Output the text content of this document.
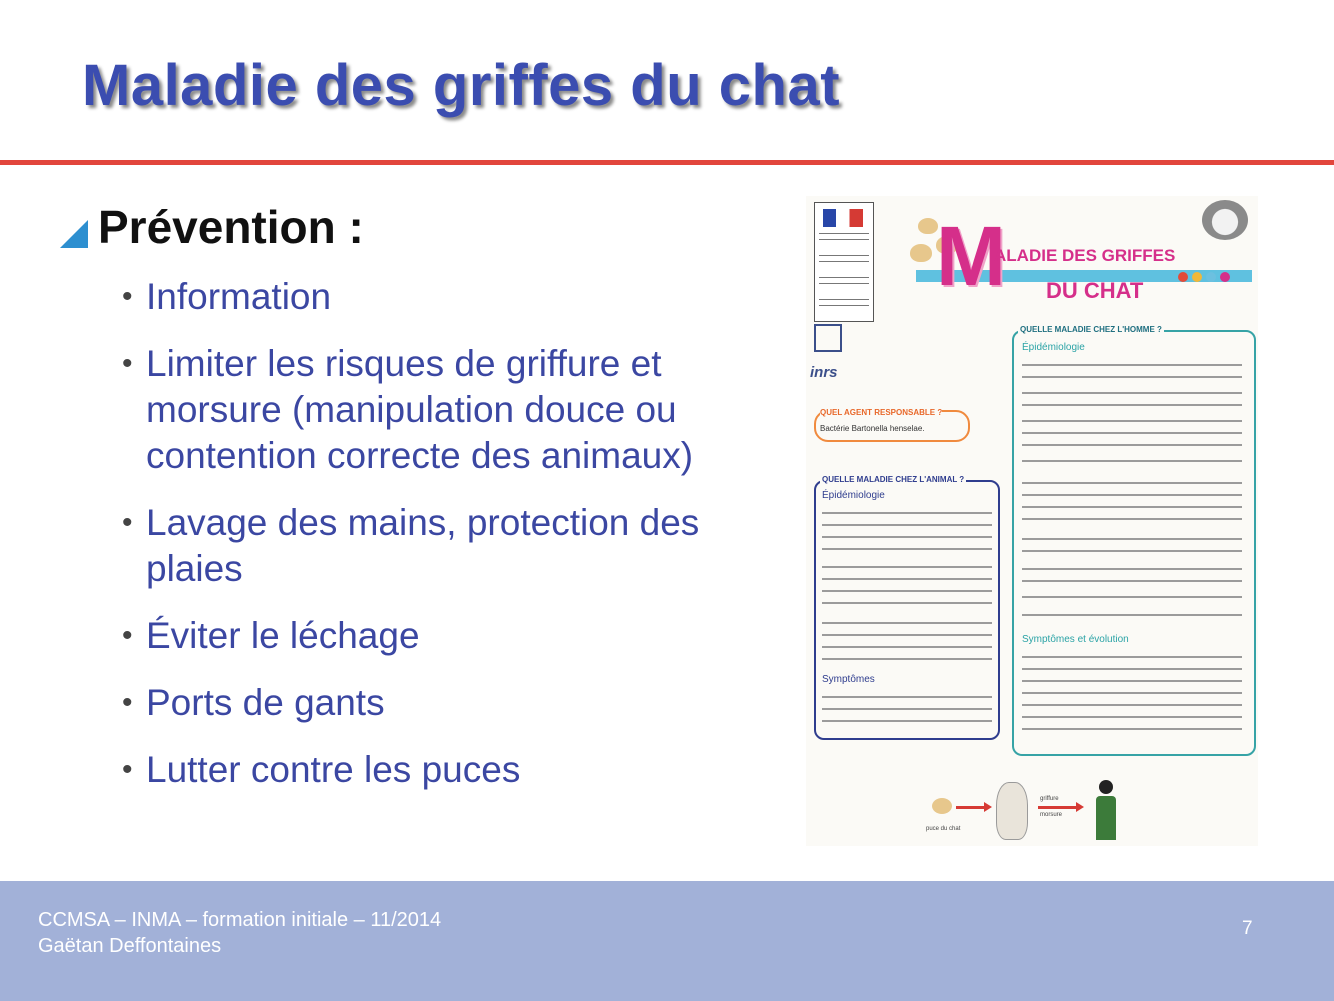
Maladie des griffes du chat
Prévention :
• Information
• Limiter les risques de griffure et morsure (manipulation douce ou contention correcte des animaux)
• Lavage des mains, protection des plaies
• Éviter le léchage
• Ports de gants
• Lutter contre les puces
inrs
M
ALADIE DES GRIFFES
DU CHAT
QUEL AGENT RESPONSABLE ?
Bactérie Bartonella henselae.
QUELLE MALADIE CHEZ L'ANIMAL ?
Épidémiologie
Symptômes
QUELLE MALADIE CHEZ L'HOMME ?
Épidémiologie
Symptômes et évolution
puce du chat
griffure
morsure
CCMSA – INMA – formation initiale – 11/2014
Gaëtan Deffontaines
7
